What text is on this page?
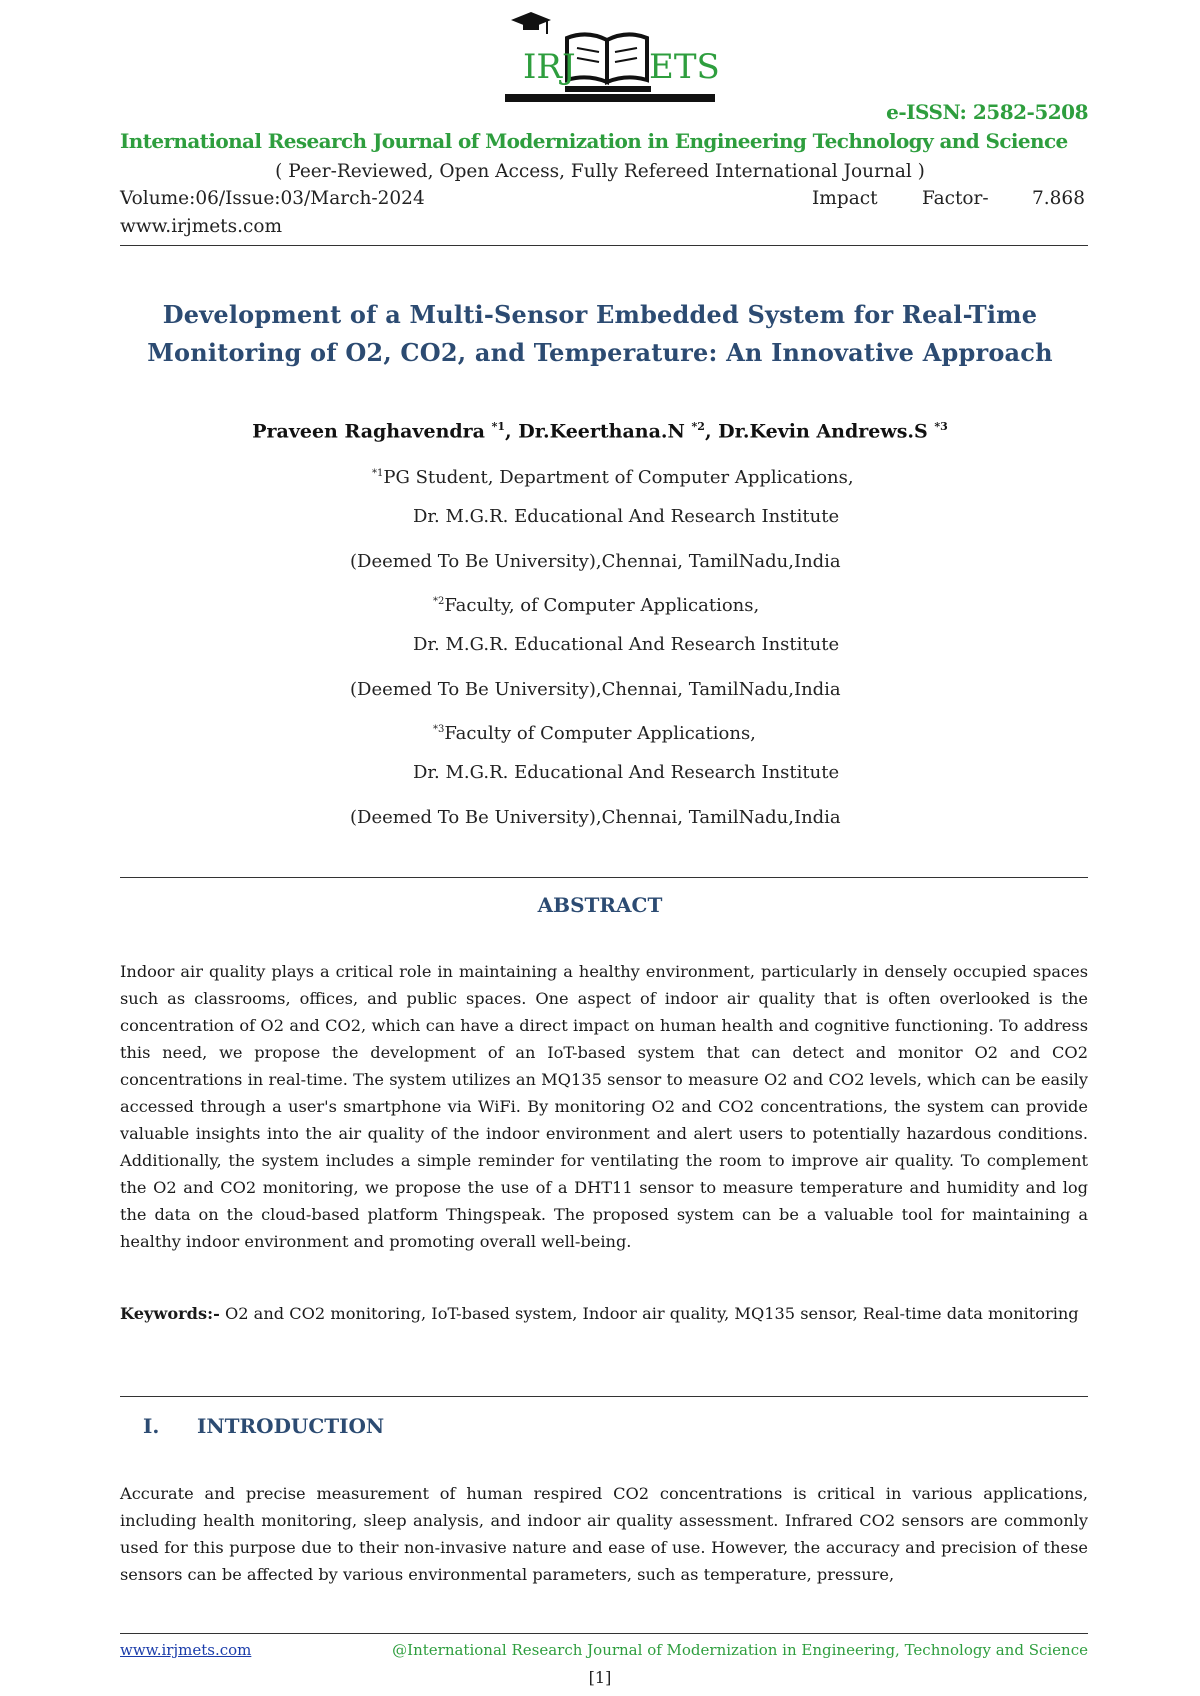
IRJ ETS
e-ISSN: 2582-5208
International Research Journal of Modernization in Engineering Technology and Science
( Peer-Reviewed, Open Access, Fully Refereed International Journal )
Volume:06/Issue:03/March-2024	Impact Factor- 7.868
www.irjmets.com
Development of a Multi-Sensor Embedded System for Real-Time
Monitoring of O2, CO2, and Temperature: An Innovative Approach
Praveen Raghavendra $^{*1}$, Dr.Keerthana.N $^{*2}$, Dr.Kevin Andrews.S $^{*3}$
$^{*1}$PG Student, Department of Computer Applications,
Dr. M.G.R. Educational And Research Institute
(Deemed To Be University),Chennai, TamilNadu,India
$^{*2}$Faculty, of Computer Applications,
Dr. M.G.R. Educational And Research Institute
(Deemed To Be University),Chennai, TamilNadu,India
$^{*3}$Faculty of Computer Applications,
Dr. M.G.R. Educational And Research Institute
(Deemed To Be University),Chennai, TamilNadu,India
ABSTRACT
Indoor air quality plays a critical role in maintaining a healthy environment, particularly in densely occupied spaces such as classrooms, offices, and public spaces. One aspect of indoor air quality that is often overlooked is the concentration of O2 and CO2, which can have a direct impact on human health and cognitive functioning. To address this need, we propose the development of an IoT-based system that can detect and monitor O2 and CO2 concentrations in real-time. The system utilizes an MQ135 sensor to measure O2 and CO2 levels, which can be easily accessed through a user's smartphone via WiFi. By monitoring O2 and CO2 concentrations, the system can provide valuable insights into the air quality of the indoor environment and alert users to potentially hazardous conditions. Additionally, the system includes a simple reminder for ventilating the room to improve air quality. To complement the O2 and CO2 monitoring, we propose the use of a DHT11 sensor to measure temperature and humidity and log the data on the cloud-based platform Thingspeak. The proposed system can be a valuable tool for maintaining a healthy indoor environment and promoting overall well-being.
Keywords:- O2 and CO2 monitoring, IoT-based system, Indoor air quality, MQ135 sensor, Real-time data monitoring
I. INTRODUCTION
Accurate and precise measurement of human respired CO2 concentrations is critical in various applications, including health monitoring, sleep analysis, and indoor air quality assessment. Infrared CO2 sensors are commonly used for this purpose due to their non-invasive nature and ease of use. However, the accuracy and precision of these sensors can be affected by various environmental parameters, such as temperature, pressure,
www.irjmets.com	@International Research Journal of Modernization in Engineering, Technology and Science
[1]
